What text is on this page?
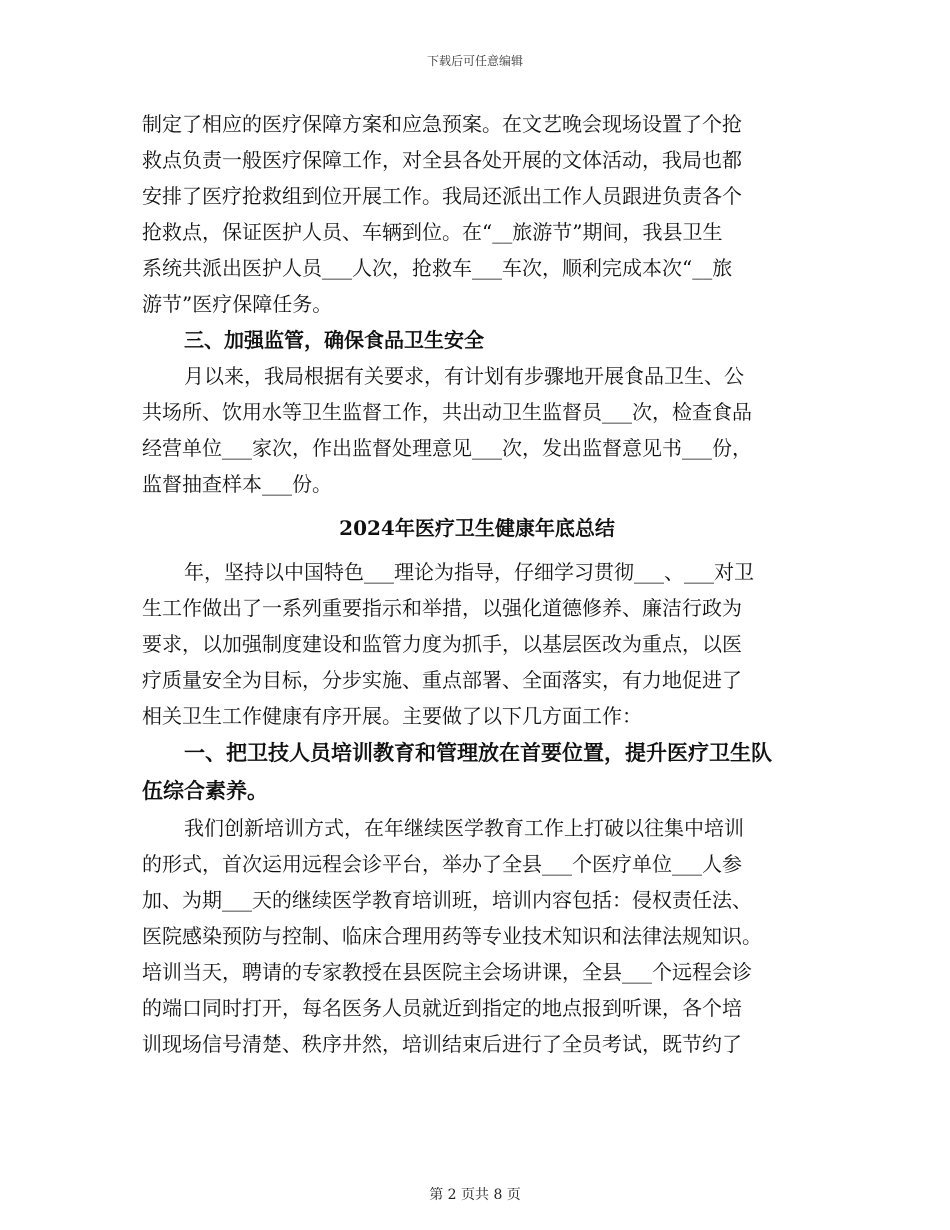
下载后可任意编辑

制定了相应的医疗保障方案和应急预案。在文艺晚会现场设置了个抢

救点负责一般医疗保障工作，对全县各处开展的文体活动，我局也都

安排了医疗抢救组到位开展工作。我局还派出工作人员跟进负责各个

抢救点，保证医护人员、车辆到位。在“__旅游节”期间，我县卫生

系统共派出医护人员___人次，抢救车___车次，顺利完成本次“__旅

游节”医疗保障任务。

三、加强监管，确保食品卫生安全

月以来，我局根据有关要求，有计划有步骤地开展食品卫生、公

共场所、饮用水等卫生监督工作，共出动卫生监督员___次，检查食品

经营单位___家次，作出监督处理意见___次，发出监督意见书___份，

监督抽查样本___份。

2024年医疗卫生健康年底总结

年，坚持以中国特色___理论为指导，仔细学习贯彻___、___对卫

生工作做出了一系列重要指示和举措，以强化道德修养、廉洁行政为

要求，以加强制度建设和监管力度为抓手，以基层医改为重点，以医

疗质量安全为目标，分步实施、重点部署、全面落实，有力地促进了

相关卫生工作健康有序开展。主要做了以下几方面工作：

一、把卫技人员培训教育和管理放在首要位置，提升医疗卫生队

伍综合素养。

我们创新培训方式，在年继续医学教育工作上打破以往集中培训

的形式，首次运用远程会诊平台，举办了全县___个医疗单位___人参

加、为期___天的继续医学教育培训班，培训内容包括：侵权责任法、

医院感染预防与控制、临床合理用药等专业技术知识和法律法规知识。

培训当天，聘请的专家教授在县医院主会场讲课，全县___个远程会诊

的端口同时打开，每名医务人员就近到指定的地点报到听课，各个培

训现场信号清楚、秩序井然，培训结束后进行了全员考试，既节约了

第 2 页共 8 页
